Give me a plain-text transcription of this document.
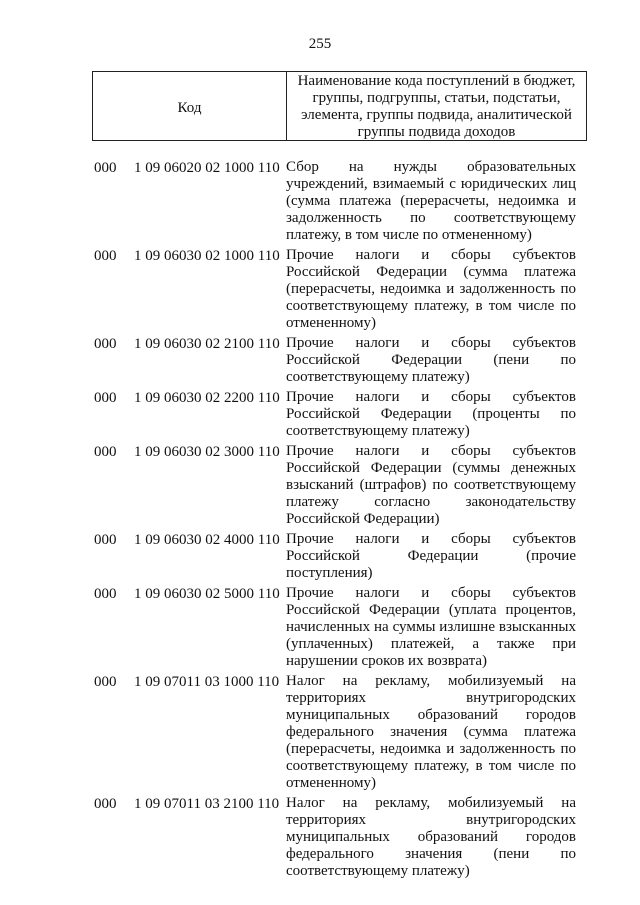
255
Код
Наименование кода поступлений в бюджет, группы, подгруппы, статьи, подстатьи, элемента, группы подвида, аналитической группы подвида доходов
000	1 09 06020 02 1000 110 Сбор на нужды образовательных учреждений, взимаемый с юридических лиц (сумма платежа (перерасчеты, недоимка и задолженность по соответствующему платежу, в том числе по отмененному)
000	1 09 06030 02 1000 110 Прочие налоги и сборы субъектов Российской Федерации (сумма платежа (перерасчеты, недоимка и задолженность по соответствующему платежу, в том числе по отмененному)
000	1 09 06030 02 2100 110 Прочие налоги и сборы субъектов Российской Федерации (пени по соответствующему платежу)
000	1 09 06030 02 2200 110 Прочие налоги и сборы субъектов Российской Федерации (проценты по соответствующему платежу)
000	1 09 06030 02 3000 110 Прочие налоги и сборы субъектов Российской Федерации (суммы денежных взысканий (штрафов) по соответствующему платежу согласно законодательству Российской Федерации)
000	1 09 06030 02 4000 110 Прочие налоги и сборы субъектов Российской Федерации (прочие поступления)
000	1 09 06030 02 5000 110 Прочие налоги и сборы субъектов Российской Федерации (уплата процентов, начисленных на суммы излишне взысканных (уплаченных) платежей, а также при нарушении сроков их возврата)
000	1 09 07011 03 1000 110 Налог на рекламу, мобилизуемый на территориях внутригородских муниципальных образований городов федерального значения (сумма платежа (перерасчеты, недоимка и задолженность по соответствующему платежу, в том числе по отмененному)
000	1 09 07011 03 2100 110 Налог на рекламу, мобилизуемый на территориях внутригородских муниципальных образований городов федерального значения (пени по соответствующему платежу)
